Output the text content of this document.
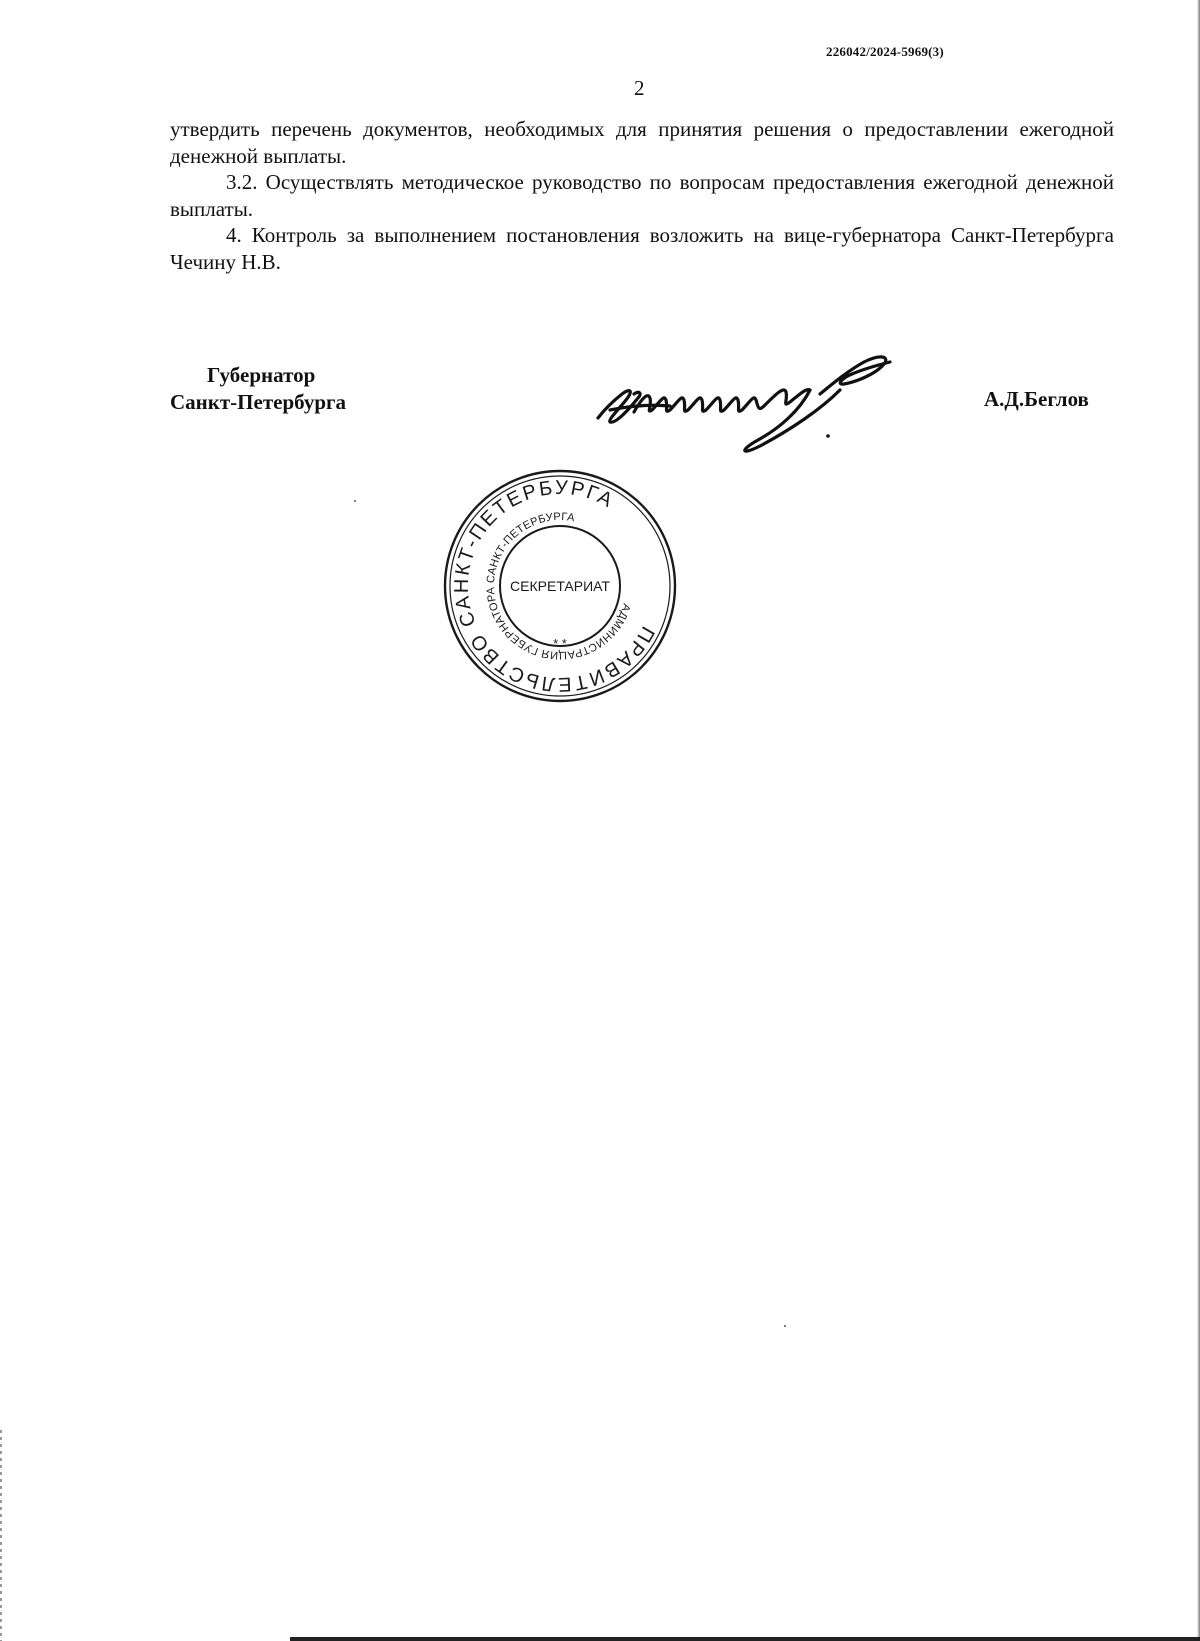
226042/2024-5969(3)
2

утвердить перечень документов, необходимых для принятия решения о предоставлении ежегодной денежной выплаты.

3.2. Осуществлять методическое руководство по вопросам предоставления ежегодной денежной выплаты.

4. Контроль за выполнением постановления возложить на вице-губернатора Санкт-Петербурга Чечину Н.В.

Губернатор
Санкт-Петербурга	А.Д.Беглов
ПРАВИТЕЛЬСТВО САНКТ-ПЕТЕРБУРГА
АДМИНИСТРАЦИЯ ГУБЕРНАТОРА САНКТ-ПЕТЕРБУРГА
СЕКРЕТАРИАТ
* *
